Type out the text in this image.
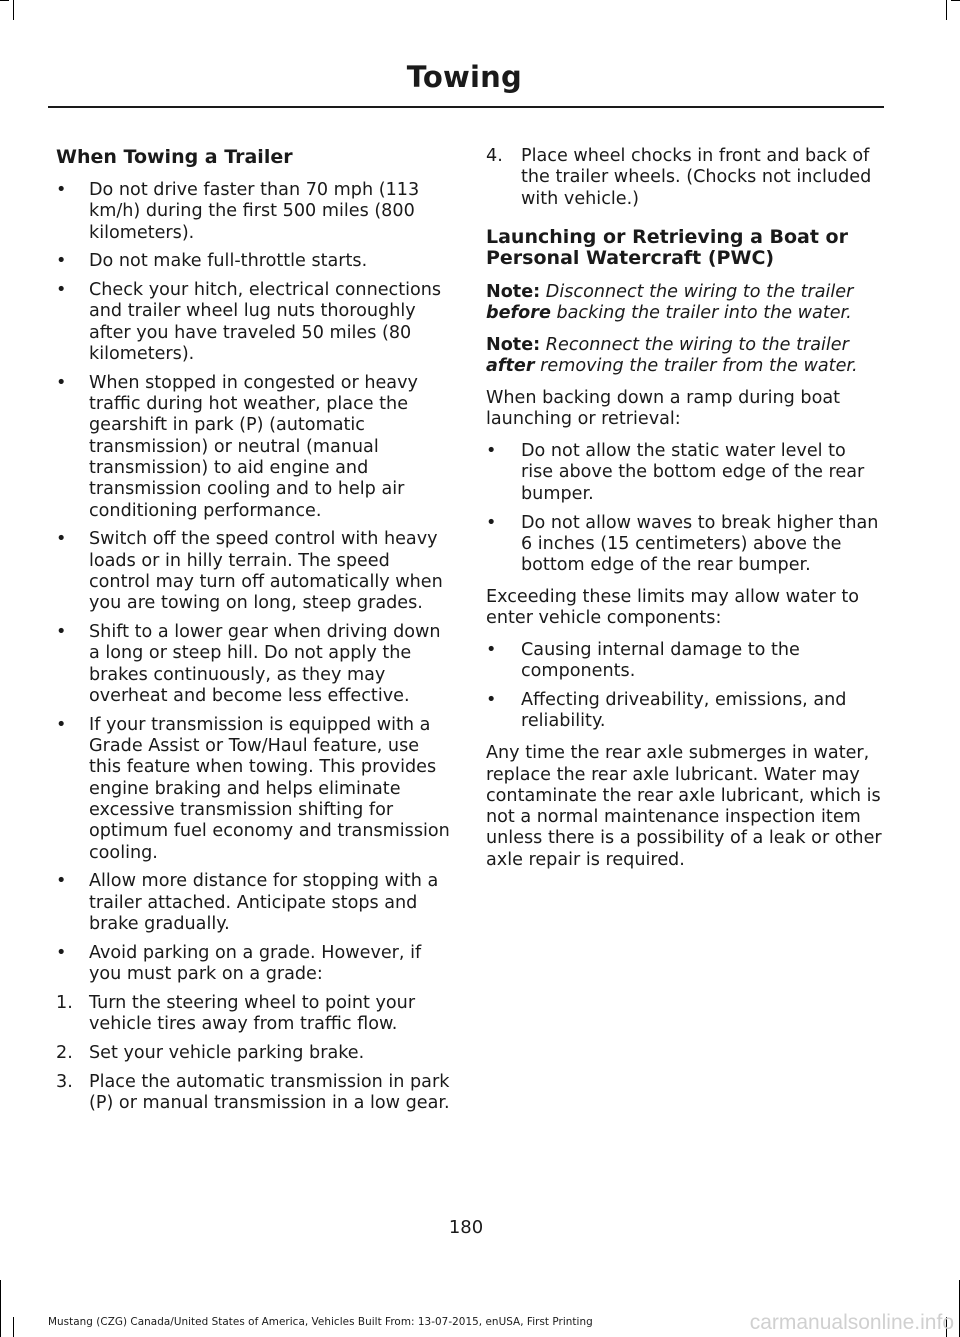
Towing
When Towing a Trailer
•	Do not drive faster than 70 mph (113 km/h) during the first 500 miles (800 kilometers).
•	Do not make full-throttle starts.
•	Check your hitch, electrical connections and trailer wheel lug nuts thoroughly after you have traveled 50 miles (80 kilometers).
•	When stopped in congested or heavy traffic during hot weather, place the gearshift in park (P) (automatic transmission) or neutral (manual transmission) to aid engine and transmission cooling and to help air conditioning performance.
•	Switch off the speed control with heavy loads or in hilly terrain. The speed control may turn off automatically when you are towing on long, steep grades.
•	Shift to a lower gear when driving down a long or steep hill. Do not apply the brakes continuously, as they may overheat and become less effective.
•	If your transmission is equipped with a Grade Assist or Tow/Haul feature, use this feature when towing. This provides engine braking and helps eliminate excessive transmission shifting for optimum fuel economy and transmission cooling.
•	Allow more distance for stopping with a trailer attached. Anticipate stops and brake gradually.
•	Avoid parking on a grade. However, if you must park on a grade:
1. Turn the steering wheel to point your vehicle tires away from traffic flow.
2. Set your vehicle parking brake.
3. Place the automatic transmission in park (P) or manual transmission in a low gear.
4.	Place wheel chocks in front and back of the trailer wheels. (Chocks not included with vehicle.)
Launching or Retrieving a Boat or Personal Watercraft (PWC)

Note: Disconnect the wiring to the trailer before backing the trailer into the water.

Note: Reconnect the wiring to the trailer after removing the trailer from the water.

When backing down a ramp during boat launching or retrieval:

•	Do not allow the static water level to rise above the bottom edge of the rear bumper.
•	Do not allow waves to break higher than 6 inches (15 centimeters) above the bottom edge of the rear bumper.

Exceeding these limits may allow water to enter vehicle components:

•	Causing internal damage to the components.
•	Affecting driveability, emissions, and reliability.

Any time the rear axle submerges in water, replace the rear axle lubricant. Water may contaminate the rear axle lubricant, which is not a normal maintenance inspection item unless there is a possibility of a leak or other axle repair is required.

180
Mustang (CZG) Canada/United States of America, Vehicles Built From: 13-07-2015, enUSA, First Printing	carmanualsonline.info
